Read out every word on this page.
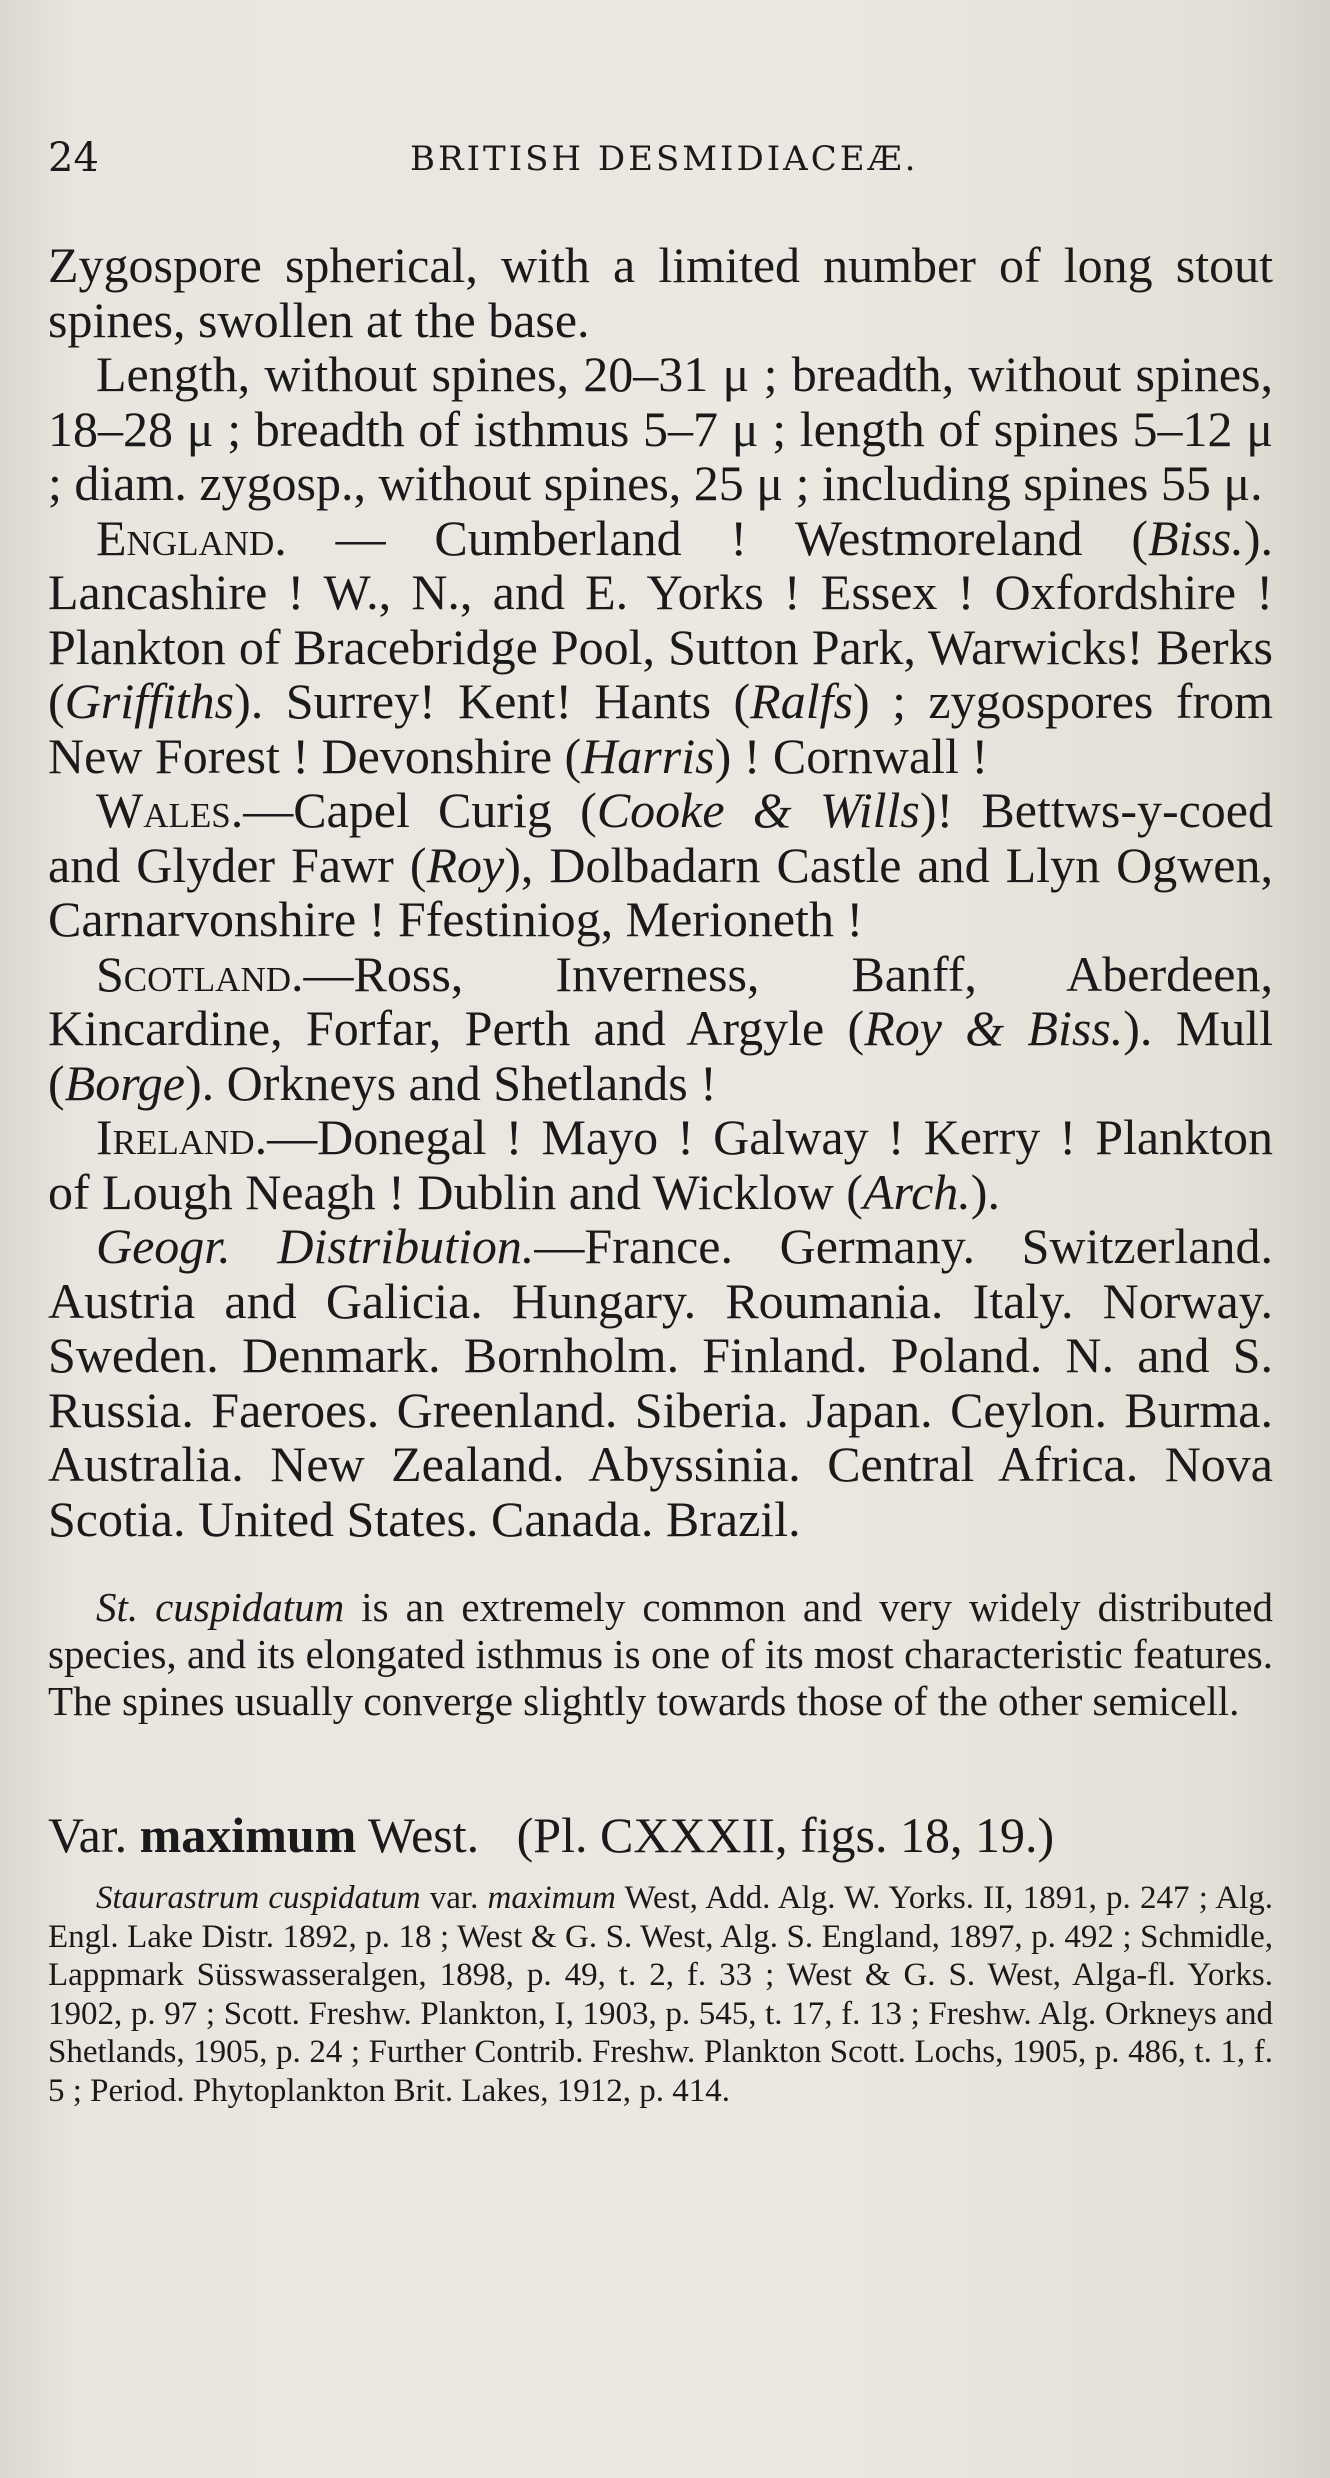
24	BRITISH DESMIDIACEÆ.

Zygospore spherical, with a limited number of long stout spines, swollen at the base.

Length, without spines, 20–31 μ ; breadth, without spines, 18–28 μ ; breadth of isthmus 5–7 μ ; length of spines 5–12 μ ; diam. zygosp., without spines, 25 μ ; including spines 55 μ.

England. — Cumberland ! Westmoreland (Biss.). Lancashire ! W., N., and E. Yorks ! Essex ! Oxfordshire ! Plankton of Bracebridge Pool, Sutton Park, Warwicks! Berks (Griffiths). Surrey! Kent! Hants (Ralfs) ; zygospores from New Forest ! Devonshire (Harris) ! Cornwall !

Wales.—Capel Curig (Cooke & Wills)! Bettws-y-coed and Glyder Fawr (Roy), Dolbadarn Castle and Llyn Ogwen, Carnarvonshire ! Ffestiniog, Merioneth !

Scotland.—Ross, Inverness, Banff, Aberdeen, Kincardine, Forfar, Perth and Argyle (Roy & Biss.). Mull (Borge). Orkneys and Shetlands !

Ireland.—Donegal ! Mayo ! Galway ! Kerry ! Plankton of Lough Neagh ! Dublin and Wicklow (Arch.).

Geogr. Distribution.—France. Germany. Switzerland. Austria and Galicia. Hungary. Roumania. Italy. Norway. Sweden. Denmark. Bornholm. Finland. Poland. N. and S. Russia. Faeroes. Greenland. Siberia. Japan. Ceylon. Burma. Australia. New Zealand. Abyssinia. Central Africa. Nova Scotia. United States. Canada. Brazil.

St. cuspidatum is an extremely common and very widely distributed species, and its elongated isthmus is one of its most characteristic features. The spines usually converge slightly towards those of the other semicell.

Var. maximum West. (Pl. CXXXII, figs. 18, 19.)

Staurastrum cuspidatum var. maximum West, Add. Alg. W. Yorks. II, 1891, p. 247 ; Alg. Engl. Lake Distr. 1892, p. 18 ; West & G. S. West, Alg. S. England, 1897, p. 492 ; Schmidle, Lappmark Süsswasseralgen, 1898, p. 49, t. 2, f. 33 ; West & G. S. West, Alga-fl. Yorks. 1902, p. 97 ; Scott. Freshw. Plankton, I, 1903, p. 545, t. 17, f. 13 ; Freshw. Alg. Orkneys and Shetlands, 1905, p. 24 ; Further Contrib. Freshw. Plankton Scott. Lochs, 1905, p. 486, t. 1, f. 5 ; Period. Phytoplankton Brit. Lakes, 1912, p. 414.
